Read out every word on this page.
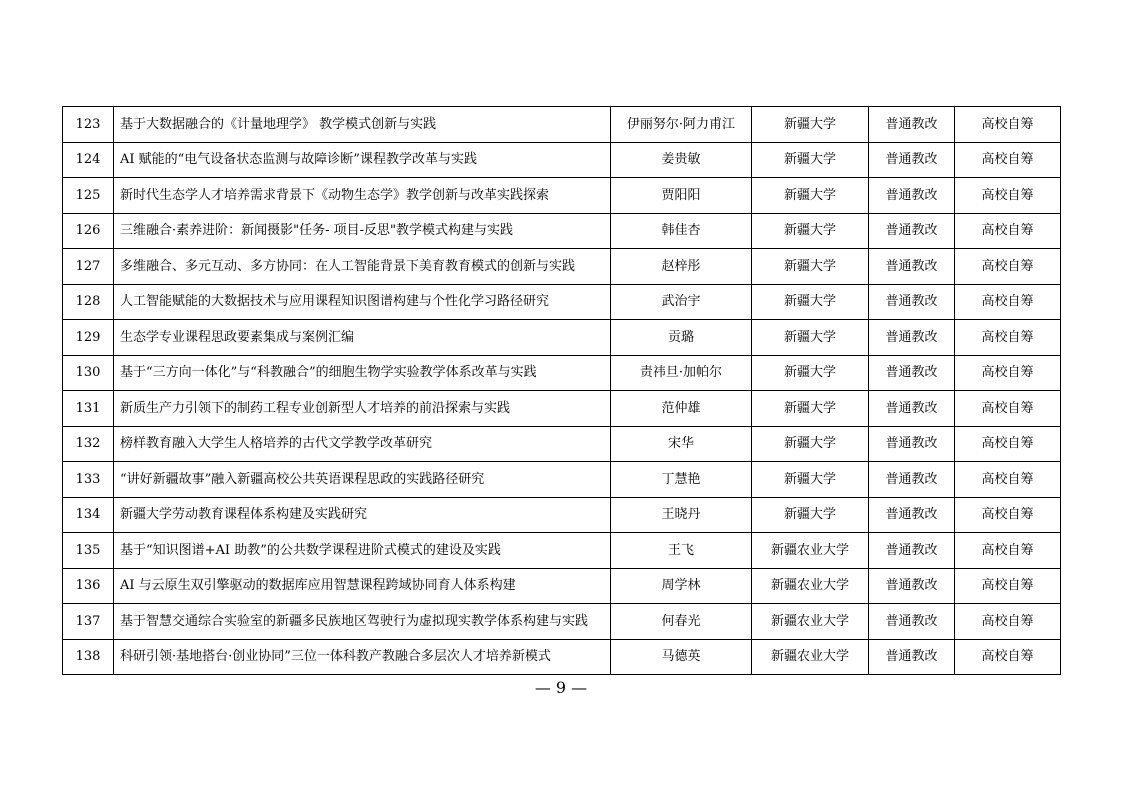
123	基于大数据融合的《计量地理学》 教学模式创新与实践	伊丽努尔·阿力甫江	新疆大学	普通教改	高校自筹
124	AI 赋能的“电气设备状态监测与故障诊断”课程教学改革与实践	姜贵敏	新疆大学	普通教改	高校自筹
125	新时代生态学人才培养需求背景下《动物生态学》教学创新与改革实践探索	贾阳阳	新疆大学	普通教改	高校自筹
126	三维融合·素养进阶：新闻摄影"任务- 项目-反思"教学模式构建与实践	韩佳杏	新疆大学	普通教改	高校自筹
127	多维融合、多元互动、多方协同：在人工智能背景下美育教育模式的创新与实践	赵梓彤	新疆大学	普通教改	高校自筹
128	人工智能赋能的大数据技术与应用课程知识图谱构建与个性化学习路径研究	武治宇	新疆大学	普通教改	高校自筹
129	生态学专业课程思政要素集成与案例汇编	贡璐	新疆大学	普通教改	高校自筹
130	基于“三方向一体化”与“科教融合”的细胞生物学实验教学体系改革与实践	责祎旦·加帕尔	新疆大学	普通教改	高校自筹
131	新质生产力引领下的制药工程专业创新型人才培养的前沿探索与实践	范仲雄	新疆大学	普通教改	高校自筹
132	榜样教育融入大学生人格培养的古代文学教学改革研究	宋华	新疆大学	普通教改	高校自筹
133	“讲好新疆故事”融入新疆高校公共英语课程思政的实践路径研究	丁慧艳	新疆大学	普通教改	高校自筹
134	新疆大学劳动教育课程体系构建及实践研究	王晓丹	新疆大学	普通教改	高校自筹
135	基于“知识图谱+AI 助教”的公共数学课程进阶式模式的建设及实践	王飞	新疆农业大学	普通教改	高校自筹
136	AI 与云原生双引擎驱动的数据库应用智慧课程跨域协同育人体系构建	周学林	新疆农业大学	普通教改	高校自筹
137	基于智慧交通综合实验室的新疆多民族地区驾驶行为虚拟现实教学体系构建与实践	何春光	新疆农业大学	普通教改	高校自筹
138	科研引领·基地搭台·创业协同”三位一体科教产教融合多层次人才培养新模式	马德英	新疆农业大学	普通教改	高校自筹
— 9 —
